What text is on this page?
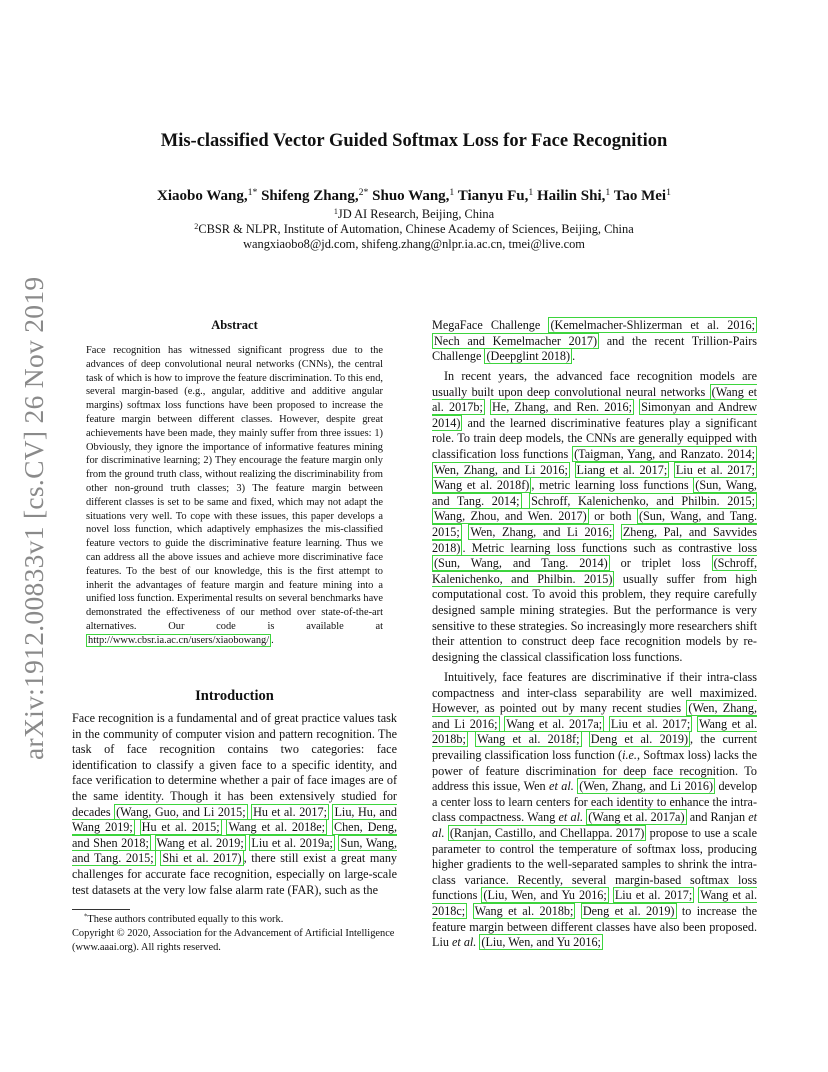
arXiv:1912.00833v1 [cs.CV] 26 Nov 2019
Mis-classified Vector Guided Softmax Loss for Face Recognition
Xiaobo Wang,$^{1*}$ Shifeng Zhang,$^{2*}$ Shuo Wang,$^1$ Tianyu Fu,$^1$ Hailin Shi,$^1$ Tao Mei$^1$
$^1$JD AI Research, Beijing, China
$^2$CBSR & NLPR, Institute of Automation, Chinese Academy of Sciences, Beijing, China
wangxiaobo8@jd.com, shifeng.zhang@nlpr.ia.ac.cn, tmei@live.com
Abstract

Face recognition has witnessed significant progress due to the advances of deep convolutional neural networks (CNNs), the central task of which is how to improve the feature discrimination. To this end, several margin-based (e.g., angular, additive and additive angular margins) softmax loss functions have been proposed to increase the feature margin between different classes. However, despite great achievements have been made, they mainly suffer from three issues: 1) Obviously, they ignore the importance of informative features mining for discriminative learning; 2) They encourage the feature margin only from the ground truth class, without realizing the discriminability from other non-ground truth classes; 3) The feature margin between different classes is set to be same and fixed, which may not adapt the situations very well. To cope with these issues, this paper develops a novel loss function, which adaptively emphasizes the mis-classified feature vectors to guide the discriminative feature learning. Thus we can address all the above issues and achieve more discriminative face features. To the best of our knowledge, this is the first attempt to inherit the advantages of feature margin and feature mining into a unified loss function. Experimental results on several benchmarks have demonstrated the effectiveness of our method over state-of-the-art alternatives. Our code is available at http://www.cbsr.ia.ac.cn/users/xiaobowang/ .

Introduction

Face recognition is a fundamental and of great practice values task in the community of computer vision and pattern recognition. The task of face recognition contains two categories: face identification to classify a given face to a specific identity, and face verification to determine whether a pair of face images are of the same identity. Though it has been extensively studied for decades (Wang, Guo, and Li 2015; Hu et al. 2017; Liu, Hu, and Wang 2019; Hu et al. 2015; Wang et al. 2018e; Chen, Deng, and Shen 2018; Wang et al. 2019; Liu et al. 2019a; Sun, Wang, and Tang. 2015; Shi et al. 2017) , there still exist a great many challenges for accurate face recognition, especially on large-scale test datasets at the very low false alarm rate (FAR), such as the

*These authors contributed equally to this work.
Copyright © 2020, Association for the Advancement of Artificial Intelligence (www.aaai.org). All rights reserved.

MegaFace Challenge (Kemelmacher-Shlizerman et al. 2016; Nech and Kemelmacher 2017) and the recent Trillion-Pairs Challenge (Deepglint 2018) .

In recent years, the advanced face recognition models are usually built upon deep convolutional neural networks (Wang et al. 2017b; He, Zhang, and Ren. 2016; Simonyan and Andrew 2014) and the learned discriminative features play a significant role. To train deep models, the CNNs are generally equipped with classification loss functions (Taigman, Yang, and Ranzato. 2014; Wen, Zhang, and Li 2016; Liang et al. 2017; Liu et al. 2017; Wang et al. 2018f) , metric learning loss functions (Sun, Wang, and Tang. 2014; Schroff, Kalenichenko, and Philbin. 2015; Wang, Zhou, and Wen. 2017) or both (Sun, Wang, and Tang. 2015; Wen, Zhang, and Li 2016; Zheng, Pal, and Savvides 2018) . Metric learning loss functions such as contrastive loss (Sun, Wang, and Tang. 2014) or triplet loss (Schroff, Kalenichenko, and Philbin. 2015) usually suffer from high computational cost. To avoid this problem, they require carefully designed sample mining strategies. But the performance is very sensitive to these strategies. So increasingly more researchers shift their attention to construct deep face recognition models by re-designing the classical classification loss functions.

Intuitively, face features are discriminative if their intra-class compactness and inter-class separability are well maximized. However, as pointed out by many recent studies (Wen, Zhang, and Li 2016; Wang et al. 2017a; Liu et al. 2017; Wang et al. 2018b; Wang et al. 2018f; Deng et al. 2019) , the current prevailing classification loss function (i.e., Softmax loss) lacks the power of feature discrimination for deep face recognition. To address this issue, Wen et al. (Wen, Zhang, and Li 2016) develop a center loss to learn centers for each identity to enhance the intra-class compactness. Wang et al. (Wang et al. 2017a) and Ranjan et al. (Ranjan, Castillo, and Chellappa. 2017) propose to use a scale parameter to control the temperature of softmax loss, producing higher gradients to the well-separated samples to shrink the intra-class variance. Recently, several margin-based softmax loss functions (Liu, Wen, and Yu 2016; Liu et al. 2017; Wang et al. 2018c; Wang et al. 2018b; Deng et al. 2019) to increase the feature margin between different classes have also been proposed. Liu et al. (Liu, Wen, and Yu 2016;
